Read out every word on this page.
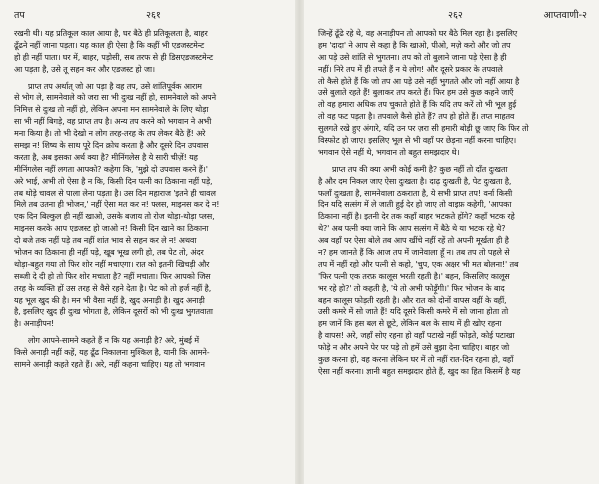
तप	२६१
रखनी थी। यह प्रतिकूल काल आया है, घर बैठे ही प्रतिकूलता है, बाहर
ढूँढने नहीं जाना पड़ता। यह काल ही ऐसा है कि कहीं भी एडजस्टमेन्ट
हो ही नहीं पाता। घर में, बाहर, पड़ोसी, सब तरफ से ही डिसएडजस्टमेन्ट
आ पड़ता है, उसे तू सहन कर और एडजस्ट हो जा।
प्राप्त तप अर्थात् जो आ पड़ा है वह तप, उसे शांतिपूर्वक आराम
से भोग ले, सामनेवाले को जरा सा भी दुःख नहीं हो, सामनेवाले को अपने
निमित्त से दुःख तो नहीं हो, लेकिन अपना मन सामनेवाले के लिए थोड़ा
सा भी नहीं बिगड़े, वह प्राप्त तप है। अन्य तप करने को भगवान ने अभी
मना किया है। तो भी देखो न लोग तरह-तरह के तप लेकर बैठे हैं! अरे
समझ न! शिष्य के साथ पूरे दिन क्रोध करता है और दूसरे दिन उपवास
करता है, अब इसका अर्थ क्या है? मीनिंगलेस है ये सारी चीज़ें! यह
मीनिंगलेस नहीं लगता आपको? कहेगा कि, 'मुझे दो उपवास करने हैं।'
अरे भाई, अभी तो ऐसा है न कि, किसी दिन पत्नी का ठिकाना नहीं पड़े,
तब थोड़े चावल से पाला लेना पड़ता है। उस दिन महाराज 'इतने ही चावल
मिले तब उतना ही भोजन,' नहीं ऐसा मत कर न! फ्लस, माइनस कर दे न!
एक दिन बिल्कुल ही नहीं खाओ, उसके बजाय तो रोज थोड़ा-थोड़ा प्लस,
माइनस करके आप एडजस्ट हो जाओ न! किसी दिन खाने का ठिकाना
दो बजे तक नहीं पड़े तब नहीं शांत भाव से सहन कर ले न! अथवा
भोजन का ठिकाना ही नहीं पड़े, खूब भूख लगी हो, तब पेट तो, अंदर
थोड़ा-बहुत गया तो फिर शोर नहीं मचाएगा। रात को इतनी खिचड़ी और
सब्जी दे दी हो तो फिर शोर मचाता है? नहीं मचाता। फिर आपको जिस
तरह के व्यक्ति हों उस तरह से वैसे रहने देता है। पेट को तो हर्ज नहीं है,
यह भूल खुद की है। मन भी वैसा नहीं है, खुद अनाड़ी है। खुद अनाड़ी
है, इसलिए खुद ही दुःख भोगता है, लेकिन दूसरों को भी दुःख भुगतवाता
है। अनाड़ीपन!
लोग आपने-सामने कहते हैं न कि यह अनाड़ी है? अरे, मुंबई में
किसे अनाड़ी नहीं कहें, यह ढूँढ निकालना मुश्किल है, यानी कि आमने-
सामने अनाड़ी कहते रहते हैं। अरे, नहीं कहना चाहिए। यह तो भगवान
२६२	आप्तवाणी-२
जिन्हें ढूँढे रहे थे, वह अनाड़ीपन तो आपको घर बैठे मिल रहा है। इसलिए
हम 'दादा' ने आप से कहा है कि खाओ, पीओ, मज़े करो और जो तप
आ पड़े उसे शांति से भुगतना। तप को तो बुलाने जाना पड़े ऐसा है ही
नहीं। निरे तप में ही तपते हैं न ये लोग! और दूसरे प्रकार के तपवाले
तो कैसे होते हैं कि जो तप आ पड़े उसे नहीं भुगतते और जो नहीं आया है
उसे बुलाते रहते हैं! बुलाकर तप करते हैं। फिर हम उसे कुछ कहने जाएँ
तो वह हमारा अधिक तप चुकाते होते हैं कि यदि तप करें तो भी भूल हुई
तो वह फट पड़ता है। तपवाले कैसे होते हैं? तप हो होते हैं। तप्त माहतव
सुलगते रखे हुए अंगारे, यदि उन पर ज़रा सी हमारी बोड़ी छू जाए कि फिर तो
विस्फोट हो जाए। इसलिए भूल से भी वहाँ पर छेड़ना नहीं करना चाहिए।
भगवान ऐसे नहीं थे, भगवान तो बहुत समझदार थे।
प्राप्त तप की क्या अभी कोई कमी है? कुछ नहीं तो दाँत दुःखता
है और दम निकल जाए ऐसा दुःखता है। दाढ़ दुःखती है, पेट दुःखता है,
फलाँ दुःखता है, सामनेवाला ठकराता है, ये सभी प्राप्त तप! वर्ना किसी
दिन यदि सत्संग में ले जाती हुई देर हो जाए तो वाइफ़ कहेगी, 'आपका
ठिकाना नहीं है। इतनी देर तक कहाँ बाहर भटकते होंगे? कहाँ भटक रहे
थे?' अब पत्नी क्या जाने कि आप सत्संग में बैठे थे या भटक रहे थे?
अब वहाँ पर ऐसा बोले तब आप खींचे नहीं रहें तो अपनी मूर्खता ही है
न? हम जानते हैं कि आज तप में जानेवाला हूँ न। तब तप तो पहले से
तप में नहीं रहो और पत्नी से कहो, 'चुप, एक अक्षर भी मत बोलना!' तब
'फिर पत्नी एक तरफ़ कालूस भरती रहती है।' बहन, किसलिए कालूस
भर रहे हो?' तो कहती है, 'ये तो अभी फोड़ूँगी।' फिर भोजन के बाद
बहन कालूस फोड़ती रहती है। और रात को दोनों वापस वहीं के वहीं,
उसी कमरे में सो जाते हैं! यदि दूसरे किसी कमरे में सो जाना होता तो
हम जानें कि हस बल से छूटे, लेकिन बल के साथ में ही खोए रहना
है वापस! अरे, जहाँ सोए रहना हो वहाँ पटाखे नहीं फोड़ते, कोई पटाखा
फोड़े न और अपने पेर पर पड़े तो हमें उसे बुझा देना चाहिए। बाहर जो
कुछ करना हो, वह करना लेकिन घर में तो नहीं रात-दिन रहना हो, वहाँ
ऐसा नहीं करना। ज्ञानी बहुत समझदार होते हैं, खुद का हित किसमें है यह
